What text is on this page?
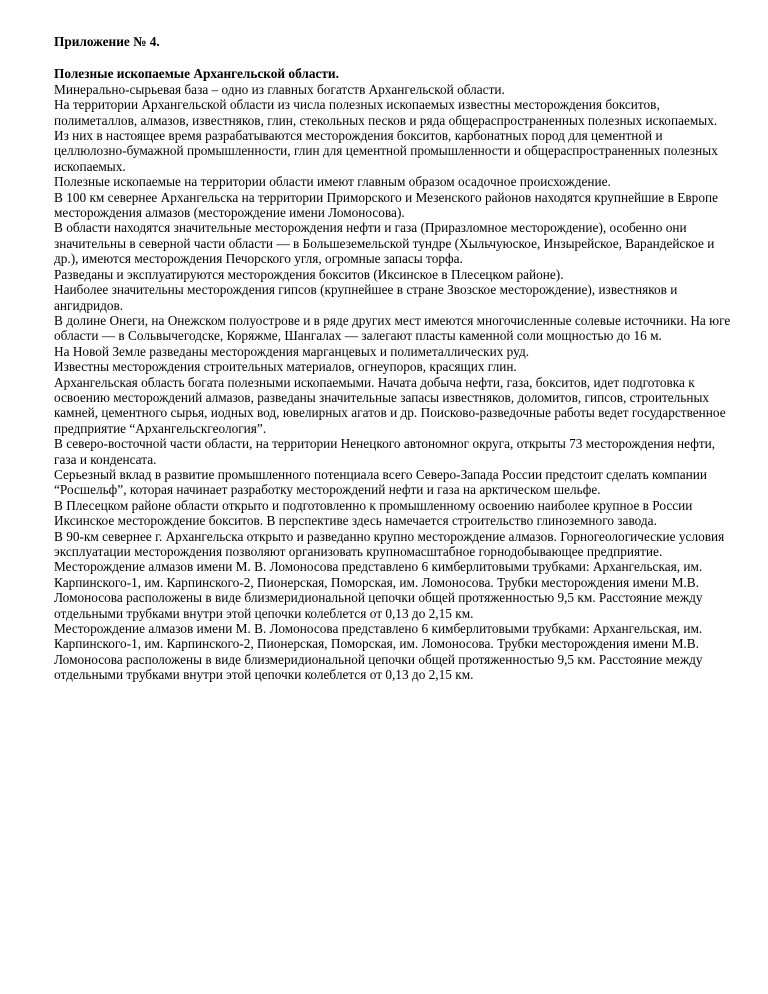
Приложение № 4.

Полезные ископаемые Архангельской области.

Минерально-сырьевая база – одно из главных богатств Архангельской области.

На территории Архангельской области из числа полезных ископаемых известны месторождения бокситов, полиметаллов, алмазов, известняков, глин, стекольных песков и ряда общераспространенных полезных ископаемых.

Из них в настоящее время разрабатываются месторождения бокситов, карбонатных пород для цементной и целлюлозно-бумажной промышленности, глин для цементной промышленности и общераспространенных полезных ископаемых.

Полезные ископаемые на территории области имеют главным образом осадочное происхождение.

В 100 км севернее Архангельска на территории Приморского и Мезенского районов находятся крупнейшие в Европе месторождения алмазов (месторождение имени Ломоносова).

В области находятся значительные месторождения нефти и газа (Приразломное месторождение), особенно они значительны в северной части области — в Большеземельской тундре (Хыльчуюское, Инзырейское, Варандейское и др.), имеются месторождения Печорского угля, огромные запасы торфа.

Разведаны и эксплуатируются месторождения бокситов (Иксинское в Плесецком районе).

Наиболее значительны месторождения гипсов (крупнейшее в стране Звозское месторождение), известняков и ангидридов.

В долине Онеги, на Онежском полуострове и в ряде других мест имеются многочисленные солевые источники. На юге области — в Сольвычегодске, Коряжме, Шангалах — залегают пласты каменной соли мощностью до 16 м.

На Новой Земле разведаны месторождения марганцевых и полиметаллических руд.

Известны месторождения строительных материалов, огнеупоров, красящих глин.

Архангельская область богата полезными ископаемыми. Начата добыча нефти, газа, бокситов, идет подготовка к освоению месторождений алмазов, разведаны значительные запасы известняков, доломитов, гипсов, строительных камней, цементного сырья, иодных вод, ювелирных агатов и др. Поисково-разведочные работы ведет государственное предприятие “Архангельскгеология”.

В северо-восточной части области, на территории Ненецкого автономног округа, открыты 73 месторождения нефти, газа и конденсата.

Серьезный вклад в развитие промышленного потенциала всего Северо-Запада России предстоит сделать компании “Росшельф”, которая начинает разработку месторождений нефти и газа на арктическом шельфе.

В Плесецком районе области открыто и подготовленно к промышленному освоению наиболее крупное в России Иксинское месторождение бокситов. В перспективе здесь намечается строительство глиноземного завода.

В 90-км севернее г. Архангельска открыто и разведанно крупно месторождение алмазов. Горногеологические условия эксплуатации месторождения позволяют организовать крупномасштабное горнодобывающее предприятие.

Месторождение алмазов имени М. В. Ломоносова представлено 6 кимберлитовыми трубками: Архангельская, им. Карпинского-1, им. Карпинского-2, Пионерская, Поморская, им. Ломоносова. Трубки месторождения имени М.В. Ломоносова расположены в виде близмеридиональной цепочки общей протяженностью 9,5 км. Расстояние между отдельными трубками внутри этой цепочки колеблется от 0,13 до 2,15 км.

Месторождение алмазов имени М. В. Ломоносова представлено 6 кимберлитовыми трубками: Архангельская, им. Карпинского-1, им. Карпинского-2, Пионерская, Поморская, им. Ломоносова. Трубки месторождения имени М.В. Ломоносова расположены в виде близмеридиональной цепочки общей протяженностью 9,5 км. Расстояние между отдельными трубками внутри этой цепочки колеблется от 0,13 до 2,15 км.
